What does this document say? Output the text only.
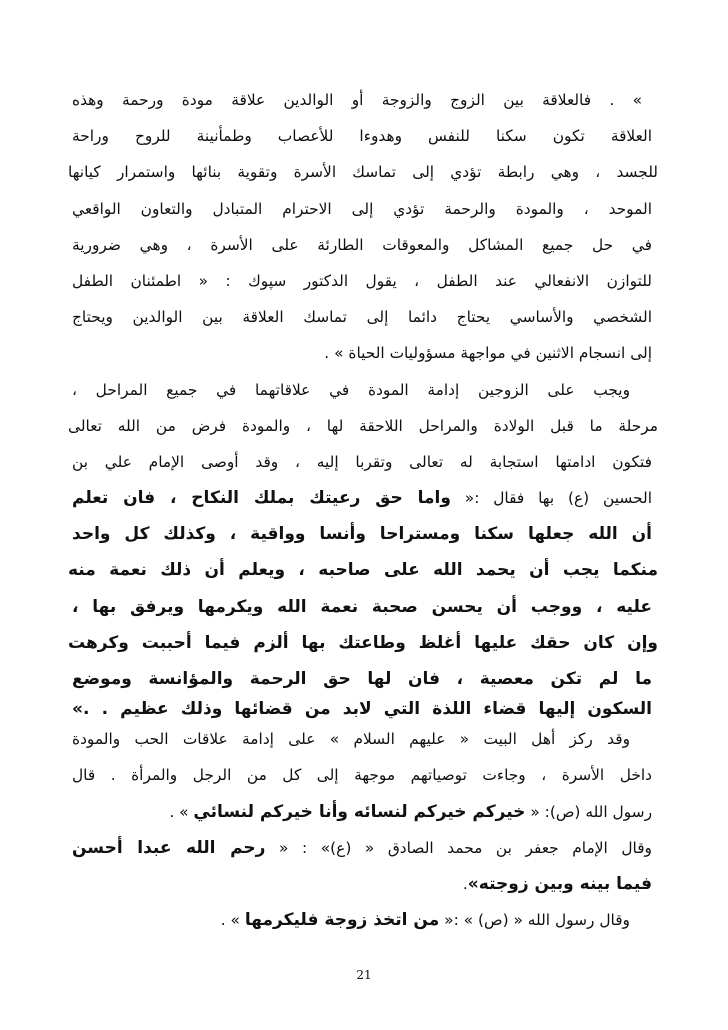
» . فالعلاقة بين الزوج والزوجة أو الوالدين علاقة مودة ورحمة وهذه
العلاقة تكون سكنا للنفس وهدوءا للأعصاب وطمأنينة للروح وراحة
للجسد ، وهي رابطة تؤدي إلى تماسك الأسرة وتقوية بنائها واستمرار كيانها
الموحد ، والمودة والرحمة تؤدي إلى الاحترام المتبادل والتعاون الواقعي
في حل جميع المشاكل والمعوقات الطارئة على الأسرة ، وهي ضرورية
للتوازن الانفعالي عند الطفل ، يقول الدكتور سپوك : « اطمئنان الطفل
الشخصي والأساسي يحتاج دائما إلى تماسك العلاقة بين الوالدين ويحتاج
إلى انسجام الاثنين في مواجهة مسؤوليات الحياة » .
ويجب على الزوجين إدامة المودة في علاقاتهما في جميع المراحل ،
مرحلة ما قبل الولادة والمراحل اللاحقة لها ، والمودة فرض من الله تعالى
فتكون ادامتها استجابة له تعالى وتقربا إليه ، وقد أوصى الإمام علي بن
الحسين (ع) بها فقال :« واما حق رعيتك بملك النكاح ، فان تعلم
أن الله جعلها سكنا ومستراحا وأنسا وواقية ، وكذلك كل واحد
منكما يجب أن يحمد الله على صاحبه ، ويعلم أن ذلك نعمة منه
عليه ، ووجب أن يحسن صحبة نعمة الله ويكرمها ويرفق بها ،
وإن كان حقك عليها أغلظ وطاعتك بها ألزم فيما أحببت وكرهت
ما لم تكن معصية ، فان لها حق الرحمة والمؤانسة وموضع
السكون إليها قضاء اللذة التي لابد من قضائها وذلك عظيم . .»
وقد ركز أهل البيت « عليهم السلام » على إدامة علاقات الحب والمودة
داخل الأسرة ، وجاءت توصياتهم موجهة إلى كل من الرجل والمرأة . قال
رسول الله (ص): « خيركم خيركم لنسائه وأنا خيركم لنسائي » .
وقال الإمام جعفر بن محمد الصادق « (ع)» : « رحم الله عبدا أحسن
فيما بينه وبين زوجته».
وقال رسول الله « (ص) » :« من اتخذ زوجة فليكرمها » .
21
